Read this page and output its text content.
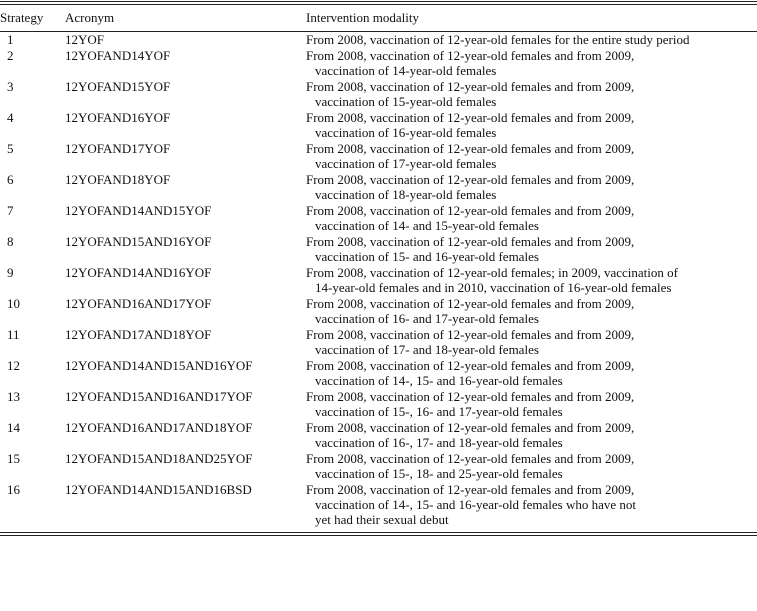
Strategy	Acronym	Intervention modality
1	12YOF	From 2008, vaccination of 12-year-old females for the entire study period

2	12YOFAND14YOF	From 2008, vaccination of 12-year-old females and from 2009,
vaccination of 14-year-old females

3	12YOFAND15YOF	From 2008, vaccination of 12-year-old females and from 2009,
vaccination of 15-year-old females

4	12YOFAND16YOF	From 2008, vaccination of 12-year-old females and from 2009,
vaccination of 16-year-old females

5	12YOFAND17YOF	From 2008, vaccination of 12-year-old females and from 2009,
vaccination of 17-year-old females

6	12YOFAND18YOF	From 2008, vaccination of 12-year-old females and from 2009,
vaccination of 18-year-old females

7	12YOFAND14AND15YOF	From 2008, vaccination of 12-year-old females and from 2009,
vaccination of 14- and 15-year-old females

8	12YOFAND15AND16YOF	From 2008, vaccination of 12-year-old females and from 2009,
vaccination of 15- and 16-year-old females

9	12YOFAND14AND16YOF	From 2008, vaccination of 12-year-old females; in 2009, vaccination of
14-year-old females and in 2010, vaccination of 16-year-old females

10	12YOFAND16AND17YOF	From 2008, vaccination of 12-year-old females and from 2009,
vaccination of 16- and 17-year-old females

11	12YOFAND17AND18YOF	From 2008, vaccination of 12-year-old females and from 2009,
vaccination of 17- and 18-year-old females

12	12YOFAND14AND15AND16YOF	From 2008, vaccination of 12-year-old females and from 2009,
vaccination of 14-, 15- and 16-year-old females

13	12YOFAND15AND16AND17YOF	From 2008, vaccination of 12-year-old females and from 2009,
vaccination of 15-, 16- and 17-year-old females

14	12YOFAND16AND17AND18YOF	From 2008, vaccination of 12-year-old females and from 2009,
vaccination of 16-, 17- and 18-year-old females

15	12YOFAND15AND18AND25YOF	From 2008, vaccination of 12-year-old females and from 2009,
vaccination of 15-, 18- and 25-year-old females

16	12YOFAND14AND15AND16BSD	From 2008, vaccination of 12-year-old females and from 2009,
vaccination of 14-, 15- and 16-year-old females who have not
yet had their sexual debut
